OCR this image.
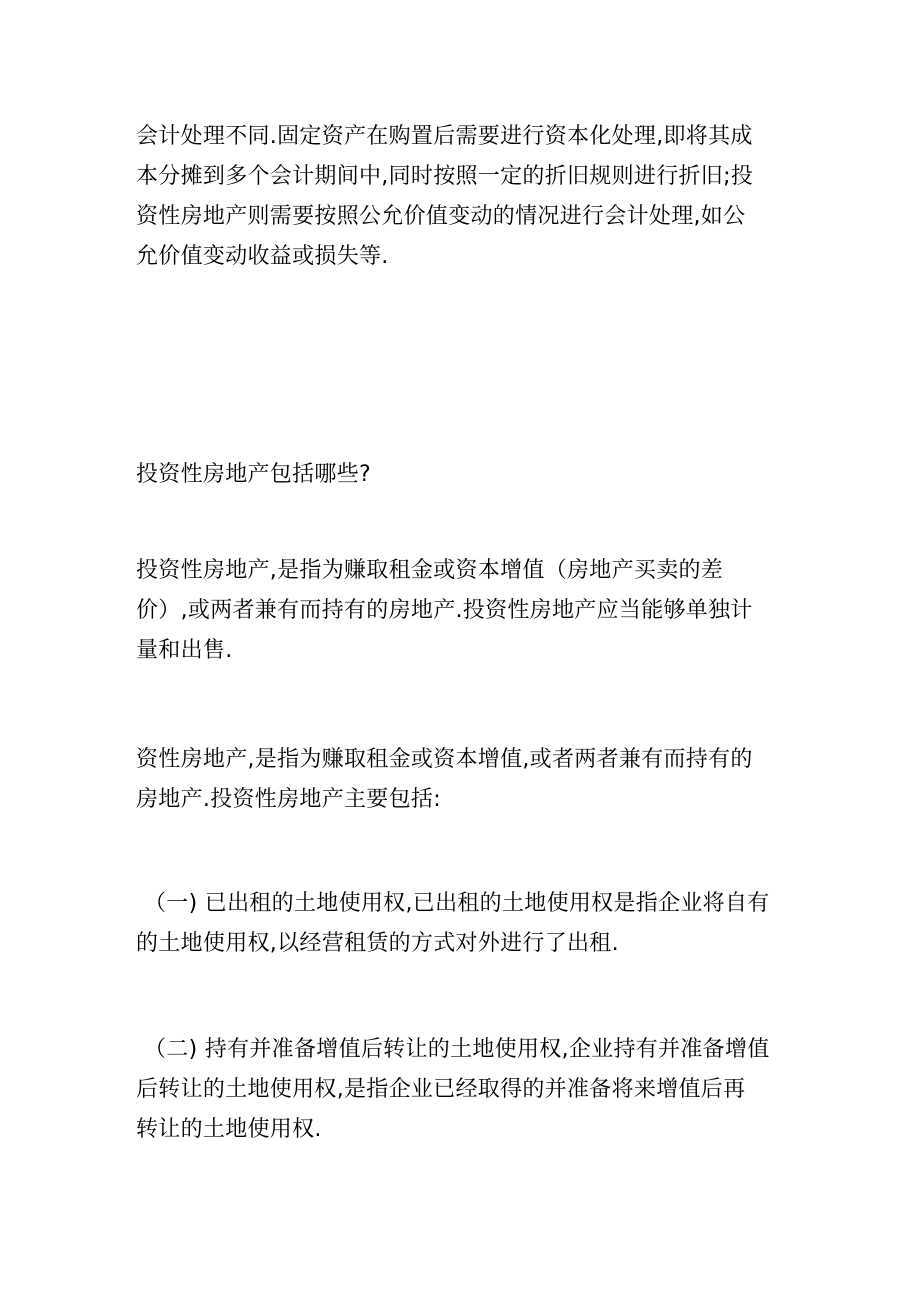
会计处理不同.固定资产在购置后需要进行资本化处理,即将其成
本分摊到多个会计期间中,同时按照一定的折旧规则进行折旧;投
资性房地产则需要按照公允价值变动的情况进行会计处理,如公
允价值变动收益或损失等.

投资性房地产包括哪些?

投资性房地产,是指为赚取租金或资本增值（房地产买卖的差
价）,或两者兼有而持有的房地产.投资性房地产应当能够单独计
量和出售.

资性房地产,是指为赚取租金或资本增值,或者两者兼有而持有的
房地产.投资性房地产主要包括:

（一) 已出租的土地使用权,已出租的土地使用权是指企业将自有
的土地使用权,以经营租赁的方式对外进行了出租.

（二) 持有并准备增值后转让的土地使用权,企业持有并准备增值
后转让的土地使用权,是指企业已经取得的并准备将来增值后再
转让的土地使用权.
